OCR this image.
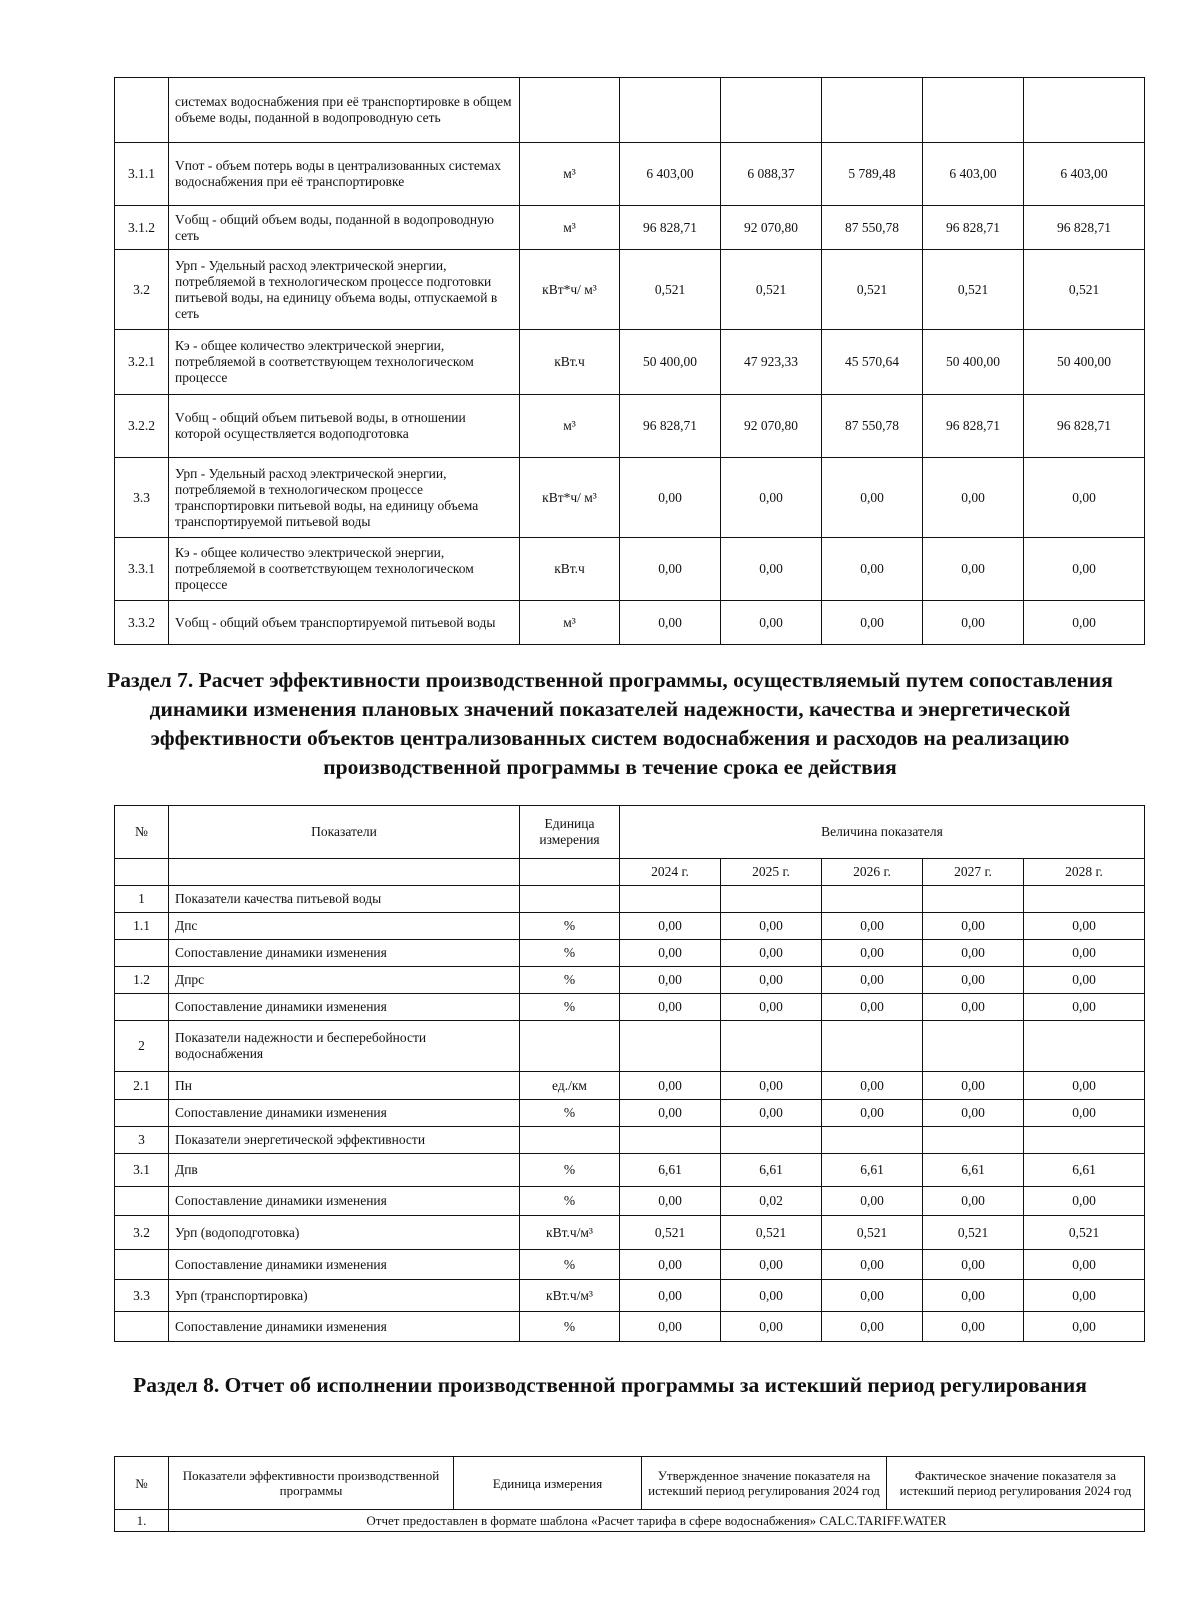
	системах водоснабжения при её транспортировке в общем объеме воды, поданной в водопроводную сеть						
3.1.1	Vпот - объем потерь воды в централизованных системах водоснабжения при её транспортировке	м³	6 403,00	6 088,37	5 789,48	6 403,00	6 403,00
3.1.2	Vобщ - общий объем воды, поданной в водопроводную сеть	м³	96 828,71	92 070,80	87 550,78	96 828,71	96 828,71
3.2	Урп - Удельный расход электрической энергии, потребляемой в технологическом процессе подготовки питьевой воды, на единицу объема воды, отпускаемой в сеть	кВт*ч/ м³	0,521	0,521	0,521	0,521	0,521
3.2.1	Кэ - общее количество электрической энергии, потребляемой в соответствующем технологическом процессе	кВт.ч	50 400,00	47 923,33	45 570,64	50 400,00	50 400,00
3.2.2	Vобщ - общий объем питьевой воды, в отношении которой осуществляется водоподготовка	м³	96 828,71	92 070,80	87 550,78	96 828,71	96 828,71
3.3	Урп - Удельный расход электрической энергии, потребляемой в технологическом процессе транспортировки питьевой воды, на единицу объема транспортируемой питьевой воды	кВт*ч/ м³	0,00	0,00	0,00	0,00	0,00
3.3.1	Кэ - общее количество электрической энергии, потребляемой в соответствующем технологическом процессе	кВт.ч	0,00	0,00	0,00	0,00	0,00
3.3.2	Vобщ - общий объем транспортируемой питьевой воды	м³	0,00	0,00	0,00	0,00	0,00
Раздел 7. Расчет эффективности производственной программы, осуществляемый путем сопоставления динамики изменения плановых значений показателей надежности, качества и энергетической эффективности объектов централизованных систем водоснабжения и расходов на реализацию производственной программы в течение срока ее действия
№	Показатели	Единица измерения	Величина показателя				
			2024 г.	2025 г.	2026 г.	2027 г.	2028 г.
1	Показатели качества питьевой воды						
1.1	Дпс	%	0,00	0,00	0,00	0,00	0,00
	Сопоставление динамики изменения	%	0,00	0,00	0,00	0,00	0,00
1.2	Дпрс	%	0,00	0,00	0,00	0,00	0,00
	Сопоставление динамики изменения	%	0,00	0,00	0,00	0,00	0,00
2	Показатели надежности и бесперебойности водоснабжения						
2.1	Пн	ед./км	0,00	0,00	0,00	0,00	0,00
	Сопоставление динамики изменения	%	0,00	0,00	0,00	0,00	0,00
3	Показатели энергетической эффективности						
3.1	Дпв	%	6,61	6,61	6,61	6,61	6,61
	Сопоставление динамики изменения	%	0,00	0,02	0,00	0,00	0,00
3.2	Урп (водоподготовка)	кВт.ч/м³	0,521	0,521	0,521	0,521	0,521
	Сопоставление динамики изменения	%	0,00	0,00	0,00	0,00	0,00
3.3	Урп (транспортировка)	кВт.ч/м³	0,00	0,00	0,00	0,00	0,00
	Сопоставление динамики изменения	%	0,00	0,00	0,00	0,00	0,00
Раздел 8. Отчет об исполнении производственной программы за истекший период регулирования
№	Показатели эффективности производственной программы	Единица измерения	Утвержденное значение показателя на истекший период регулирования 2024 год	Фактическое значение показателя за истекший период регулирования 2024 год
1.	Отчет предоставлен в формате шаблона «Расчет тарифа в сфере водоснабжения» CALC.TARIFF.WATER			
